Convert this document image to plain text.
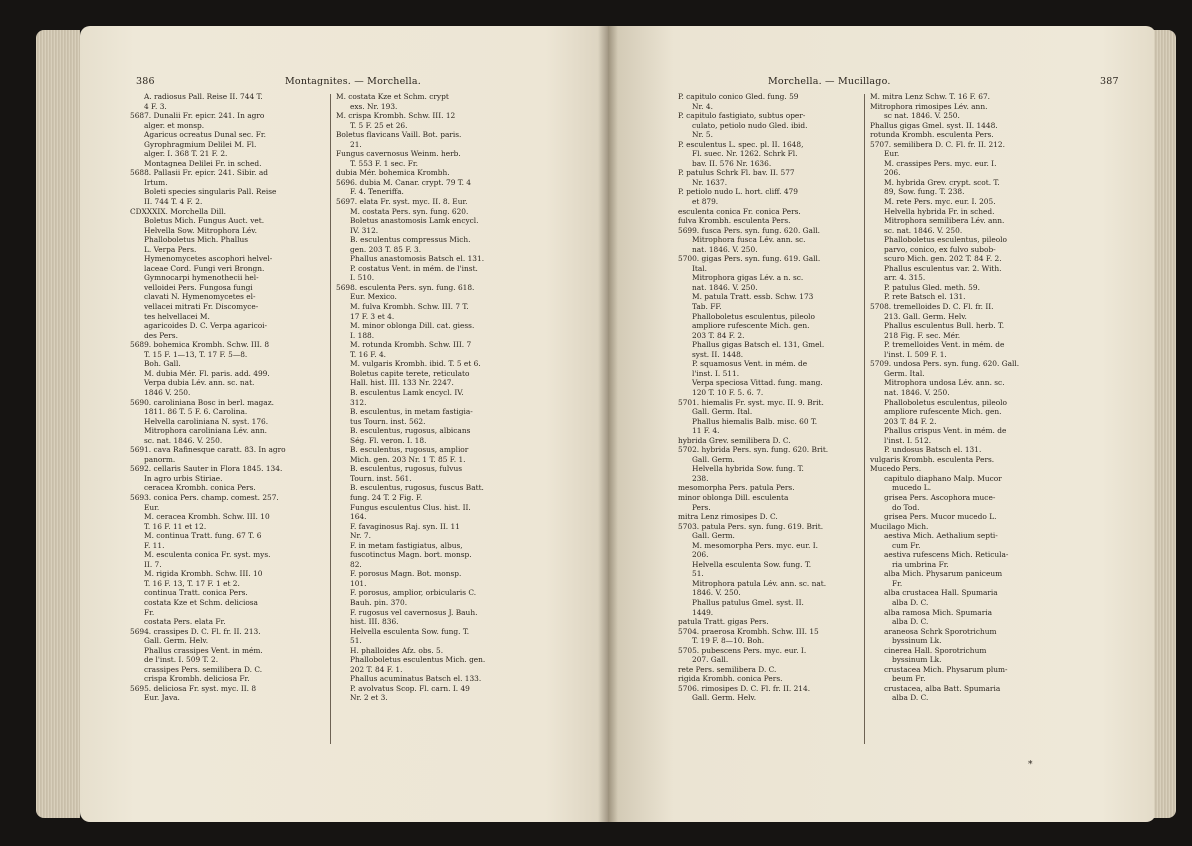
386	Montagnites. — Morchella.
A. radiosus Pall. Reise II. 744 T.
4 F. 3.
5687. Dunalii Fr. epicr. 241. In agro
alger. et monsp.
Agaricus ocreatus Dunal sec. Fr.
Gyrophragmium Delilei M. Fl.
alger. I. 368 T. 21 F. 2.
Montagnea Delilei Fr. in sched.
5688. Pallasii Fr. epicr. 241. Sibir. ad
Irtum.
Boleti species singularis Pall. Reise
II. 744 T. 4 F. 2.
CDXXXIX. Morchella Dill.
Boletus Mich. Fungus Auct. vet.
Helvella Sow. Mitrophora Lév.
Phalloboletus Mich. Phallus
L. Verpa Pers.
Hymenomycetes ascophori helvel-
laceae Cord. Fungi veri Brongn.
Gymnocarpi hymenothecii hel-
velloidei Pers. Fungosa fungi
clavati N. Hymenomycetes el-
vellacei mitrati Fr. Discomyce-
tes helvellacei M.
agaricoides D. C. Verpa agaricoi-
des Pers.
5689. bohemica Krombh. Schw. III. 8
T. 15 F. 1—13, T. 17 F. 5—8.
Boh. Gall.
M. dubia Mér. Fl. paris. add. 499.
Verpa dubia Lév. ann. sc. nat.
1846 V. 250.
5690. caroliniana Bosc in berl. magaz.
1811. 86 T. 5 F. 6. Carolina.
Helvella caroliniana N. syst. 176.
Mitrophora caroliniana Lév. ann.
sc. nat. 1846. V. 250.
5691. cava Rafinesque caratt. 83. In agro
panorm.
5692. cellaris Sauter in Flora 1845. 134.
In agro urbis Stiriae.
ceracea Krombh. conica Pers.
5693. conica Pers. champ. comest. 257.
Eur.
M. ceracea Krombh. Schw. III. 10
T. 16 F. 11 et 12.
M. continua Tratt. fung. 67 T. 6
F. 11.
M. esculenta conica Fr. syst. mys.
II. 7.
M. rigida Krombh. Schw. III. 10
T. 16 F. 13, T. 17 F. 1 et 2.
continua Tratt. conica Pers.
costata Kze et Schm. deliciosa
Fr.
costata Pers. elata Fr.
5694. crassipes D. C. Fl. fr. II. 213.
Gall. Germ. Helv.
Phallus crassipes Vent. in mém.
de l'inst. I. 509 T. 2.
crassipes Pers. semilibera D. C.
crispa Krombh. deliciosa Fr.
5695. deliciosa Fr. syst. myc. II. 8
Eur. Java.
M. costata Kze et Schm. crypt
exs. Nr. 193.
M. crispa Krombh. Schw. III. 12
T. 5 F. 25 et 26.
Boletus flavicans Vaill. Bot. paris.
21.
Fungus cavernosus Weinm. herb.
T. 553 F. 1 sec. Fr.
dubia Mér. bohemica Krombh.
5696. dubia M. Canar. crypt. 79 T. 4
F. 4. Teneriffa.
5697. elata Fr. syst. myc. II. 8. Eur.
M. costata Pers. syn. fung. 620.
Boletus anastomosis Lamk encycl.
IV. 312.
B. esculentus compressus Mich.
gen. 203 T. 85 F. 3.
Phallus anastomosis Batsch el. 131.
P. costatus Vent. in mém. de l'inst.
I. 510.
5698. esculenta Pers. syn. fung. 618.
Eur. Mexico.
M. fulva Krombh. Schw. III. 7 T.
17 F. 3 et 4.
M. minor oblonga Dill. cat. giess.
I. 188.
M. rotunda Krombh. Schw. III. 7
T. 16 F. 4.
M. vulgaris Krombh. ibid. T. 5 et 6.
Boletus capite terete, reticulato
Hall. hist. III. 133 Nr. 2247.
B. esculentus Lamk encycl. IV.
312.
B. esculentus, in metam fastigia-
tus Tourn. inst. 562.
B. esculentus, rugosus, albicans
Ség. Fl. veron. I. 18.
B. esculentus, rugosus, amplior
Mich. gen. 203 Nr. 1 T. 85 F. 1.
B. esculentus, rugosus, fulvus
Tourn. inst. 561.
B. esculentus, rugosus, fuscus Batt.
fung. 24 T. 2 Fig. F.
Fungus esculentus Clus. hist. II.
164.
F. favaginosus Raj. syn. II. 11
Nr. 7.
F. in metam fastigiatus, albus,
fuscotinctus Magn. bort. monsp.
82.
F. porosus Magn. Bot. monsp.
101.
F. porosus, amplior, orbicularis C.
Bauh. pin. 370.
F. rugosus vel cavernosus J. Bauh.
hist. III. 836.
Helvella esculenta Sow. fung. T.
51.
H. phalloides Afz. obs. 5.
Phalloboletus esculentus Mich. gen.
202 T. 84 F. 1.
Phallus acuminatus Batsch el. 133.
P. avolvatus Scop. Fl. carn. I. 49
Nr. 2 et 3.
Morchella. — Mucillago.	387
P. capitulo conico Gled. fung. 59
Nr. 4.
P. capitulo fastigiato, subtus oper-
culato, petiolo nudo Gled. ibid.
Nr. 5.
P. esculentus L. spec. pl. II. 1648,
Fl. suec. Nr. 1262. Schrk Fl.
bav. II. 576 Nr. 1636.
P. patulus Schrk Fl. bav. II. 577
Nr. 1637.
P. petiolo nudo L. hort. cliff. 479
et 879.
esculenta conica Fr. conica Pers.
fulva Krombh. esculenta Pers.
5699. fusca Pers. syn. fung. 620. Gall.
Mitrophora fusca Lév. ann. sc.
nat. 1846. V. 250.
5700. gigas Pers. syn. fung. 619. Gall.
Ital.
Mitrophora gigas Lév. a n. sc.
nat. 1846. V. 250.
M. patula Tratt. essb. Schw. 173
Tab. FF.
Phalloboletus esculentus, pileolo
ampliore rufescente Mich. gen.
203 T. 84 F. 2.
Phallus gigas Batsch el. 131, Gmel.
syst. II. 1448.
P. squamosus Vent. in mém. de
l'inst. I. 511.
Verpa speciosa Vittad. fung. mang.
120 T. 10 F. 5. 6. 7.
5701. hiemalis Fr. syst. myc. II. 9. Brit.
Gall. Germ. Ital.
Phallus hiemalis Balb. misc. 60 T.
11 F. 4.
hybrida Grev. semilibera D. C.
5702. hybrida Pers. syn. fung. 620. Brit.
Gall. Germ.
Helvella hybrida Sow. fung. T.
238.
mesomorpha Pers. patula Pers.
minor oblonga Dill. esculenta
Pers.
mitra Lenz rimosipes D. C.
5703. patula Pers. syn. fung. 619. Brit.
Gall. Germ.
M. mesomorpha Pers. myc. eur. I.
206.
Helvella esculenta Sow. fung. T.
51.
Mitrophora patula Lév. ann. sc. nat.
1846. V. 250.
Phallus patulus Gmel. syst. II.
1449.
patula Tratt. gigas Pers.
5704. praerosa Krombh. Schw. III. 15
T. 19 F. 8—10. Boh.
5705. pubescens Pers. myc. eur. I.
207. Gall.
rete Pers. semilibera D. C.
rigida Krombh. conica Pers.
5706. rimosipes D. C. Fl. fr. II. 214.
Gall. Germ. Helv.
M. mitra Lenz Schw. T. 16 F. 67.
Mitrophora rimosipes Lév. ann.
sc nat. 1846. V. 250.
Phallus gigas Gmel. syst. II. 1448.
rotunda Krombh. esculenta Pers.
5707. semilibera D. C. Fl. fr. II. 212.
Eur.
M. crassipes Pers. myc. eur. I.
206.
M. hybrida Grev. crypt. scot. T.
89, Sow. fung. T. 238.
M. rete Pers. myc. eur. I. 205.
Helvella hybrida Fr. in sched.
Mitrophora semilibera Lév. ann.
sc. nat. 1846. V. 250.
Phalloboletus esculentus, pileolo
parvo, conico, ex fulvo subob-
scuro Mich. gen. 202 T. 84 F. 2.
Phallus esculentus var. 2. With.
arr. 4. 315.
P. patulus Gled. meth. 59.
P. rete Batsch el. 131.
5708. tremelloides D. C. Fl. fr. II.
213. Gall. Germ. Helv.
Phallus esculentus Bull. herb. T.
218 Fig. F. sec. Mér.
P. tremelloides Vent. in mém. de
l'inst. I. 509 F. 1.
5709. undosa Pers. syn. fung. 620. Gall.
Germ. Ital.
Mitrophora undosa Lév. ann. sc.
nat. 1846. V. 250.
Phalloboletus esculentus, pileolo
ampliore rufescente Mich. gen.
203 T. 84 F. 2.
Phallus crispus Vent. in mém. de
l'inst. I. 512.
P. undosus Batsch el. 131.
vulgaris Krombh. esculenta Pers.
Mucedo Pers.
capitulo diaphano Malp. Mucor
mucedo L.
grisea Pers. Ascophora muce-
do Tod.
grisea Pers. Mucor mucedo L.
Mucilago Mich.
aestiva Mich. Aethalium septi-
cum Fr.
aestiva rufescens Mich. Reticula-
ria umbrina Fr.
alba Mich. Physarum paniceum
Fr.
alba crustacea Hall. Spumaria
alba D. C.
alba ramosa Mich. Spumaria
alba D. C.
araneosa Schrk Sporotrichum
byssinum Lk.
cinerea Hall. Sporotrichum
byssinum Lk.
crustacea Mich. Physarum plum-
beum Fr.
crustacea, alba Batt. Spumaria
alba D. C.
*
